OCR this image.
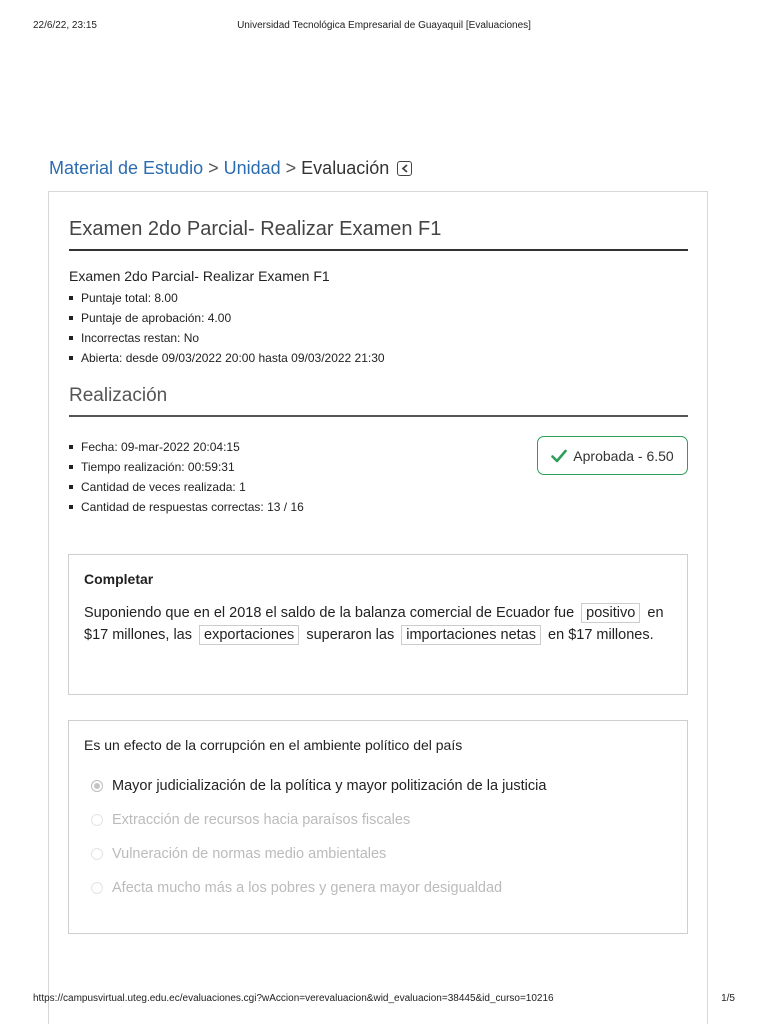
22/6/22, 23:15	Universidad Tecnológica Empresarial de Guayaquil [Evaluaciones]
Material de Estudio > Unidad > Evaluación
Examen 2do Parcial- Realizar Examen F1
Examen 2do Parcial- Realizar Examen F1
Puntaje total: 8.00
Puntaje de aprobación: 4.00
Incorrectas restan: No
Abierta: desde 09/03/2022 20:00 hasta 09/03/2022 21:30
Realización
Fecha: 09-mar-2022 20:04:15
Tiempo realización: 00:59:31
Cantidad de veces realizada: 1
Cantidad de respuestas correctas: 13 / 16
Aprobada - 6.50
Completar
Suponiendo que en el 2018 el saldo de la balanza comercial de Ecuador fue positivo en $17 millones, las exportaciones superaron las importaciones netas en $17 millones.
Es un efecto de la corrupción en el ambiente político del país
Mayor judicialización de la política y mayor politización de la justicia
Extracción de recursos hacia paraísos fiscales
Vulneración de normas medio ambientales
Afecta mucho más a los pobres y genera mayor desigualdad
https://campusvirtual.uteg.edu.ec/evaluaciones.cgi?wAccion=verevaluacion&wid_evaluacion=38445&id_curso=10216	1/5
